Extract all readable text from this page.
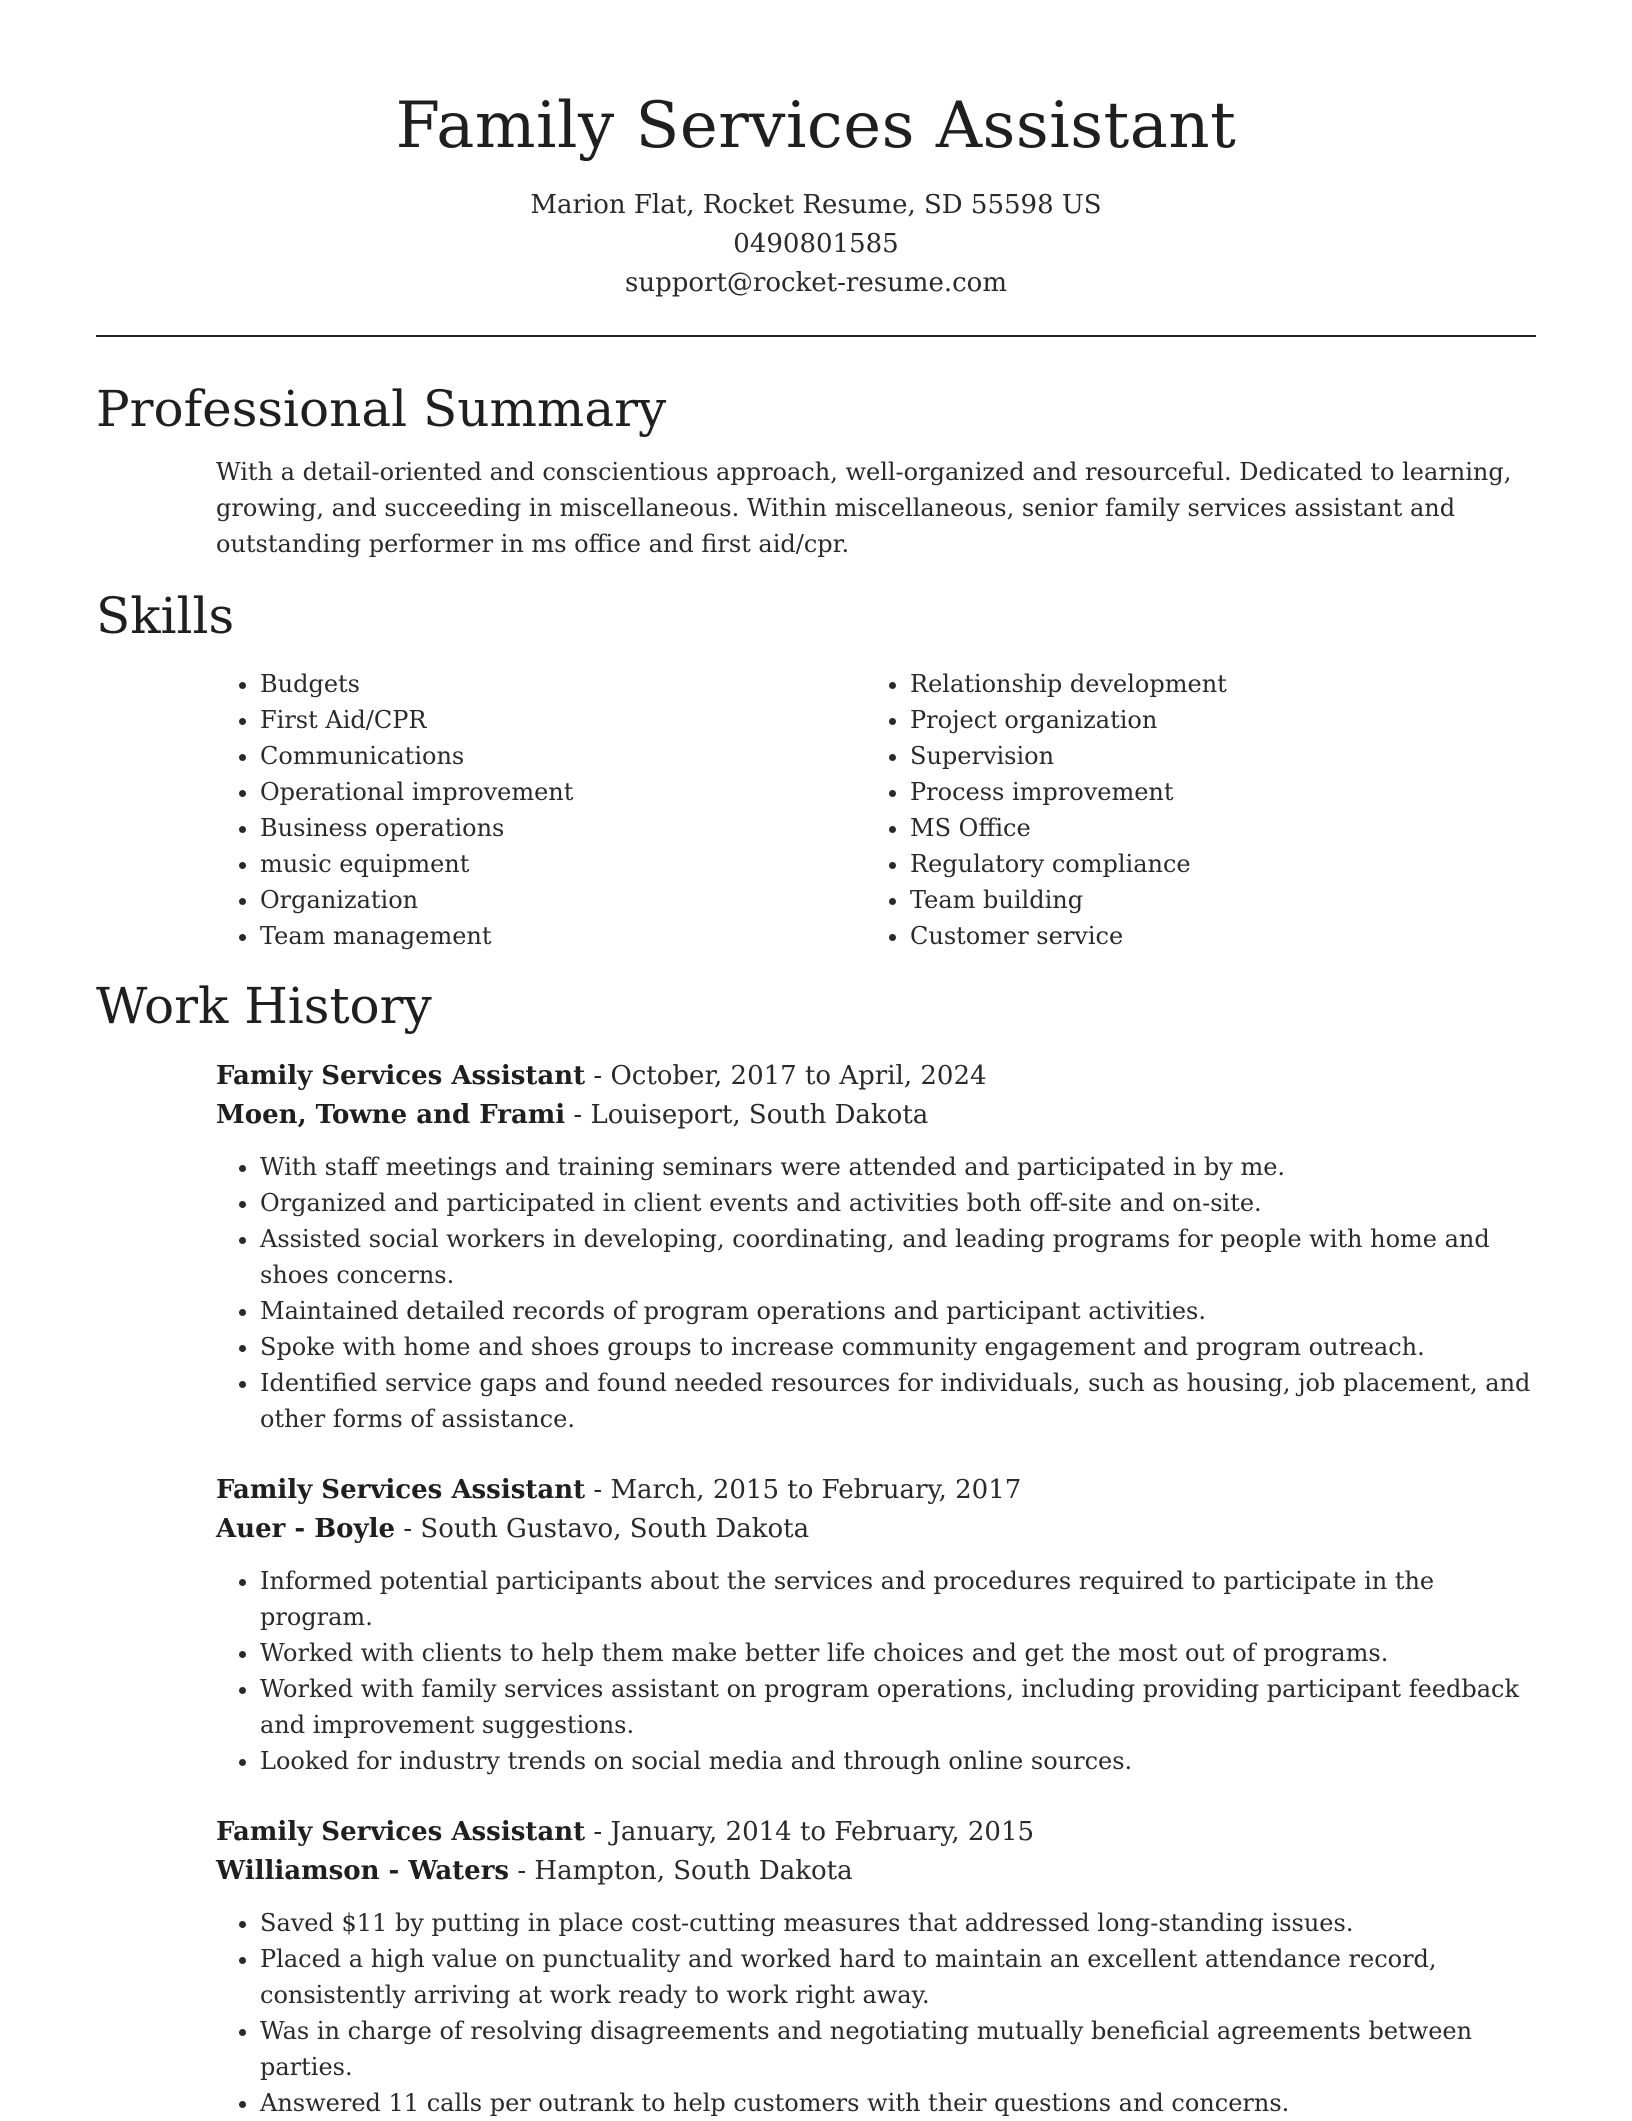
Family Services Assistant
Marion Flat, Rocket Resume, SD 55598 US
0490801585
support@rocket-resume.com
Professional Summary
With a detail-oriented and conscientious approach, well-organized and resourceful. Dedicated to learning, growing, and succeeding in miscellaneous. Within miscellaneous, senior family services assistant and outstanding performer in ms office and first aid/cpr.
Skills
• Budgets
• First Aid/CPR
• Communications
• Operational improvement
• Business operations
• music equipment
• Organization
• Team management
• Relationship development
• Project organization
• Supervision
• Process improvement
• MS Office
• Regulatory compliance
• Team building
• Customer service
Work History
Family Services Assistant - October, 2017 to April, 2024
Moen, Towne and Frami - Louiseport, South Dakota
• With staff meetings and training seminars were attended and participated in by me.
• Organized and participated in client events and activities both off-site and on-site.
• Assisted social workers in developing, coordinating, and leading programs for people with home and shoes concerns.
• Maintained detailed records of program operations and participant activities.
• Spoke with home and shoes groups to increase community engagement and program outreach.
• Identified service gaps and found needed resources for individuals, such as housing, job placement, and other forms of assistance.
Family Services Assistant - March, 2015 to February, 2017
Auer - Boyle - South Gustavo, South Dakota
• Informed potential participants about the services and procedures required to participate in the program.
• Worked with clients to help them make better life choices and get the most out of programs.
• Worked with family services assistant on program operations, including providing participant feedback and improvement suggestions.
• Looked for industry trends on social media and through online sources.
Family Services Assistant - January, 2014 to February, 2015
Williamson - Waters - Hampton, South Dakota
• Saved $11 by putting in place cost-cutting measures that addressed long-standing issues.
• Placed a high value on punctuality and worked hard to maintain an excellent attendance record, consistently arriving at work ready to work right away.
• Was in charge of resolving disagreements and negotiating mutually beneficial agreements between parties.
• Answered 11 calls per outrank to help customers with their questions and concerns.
